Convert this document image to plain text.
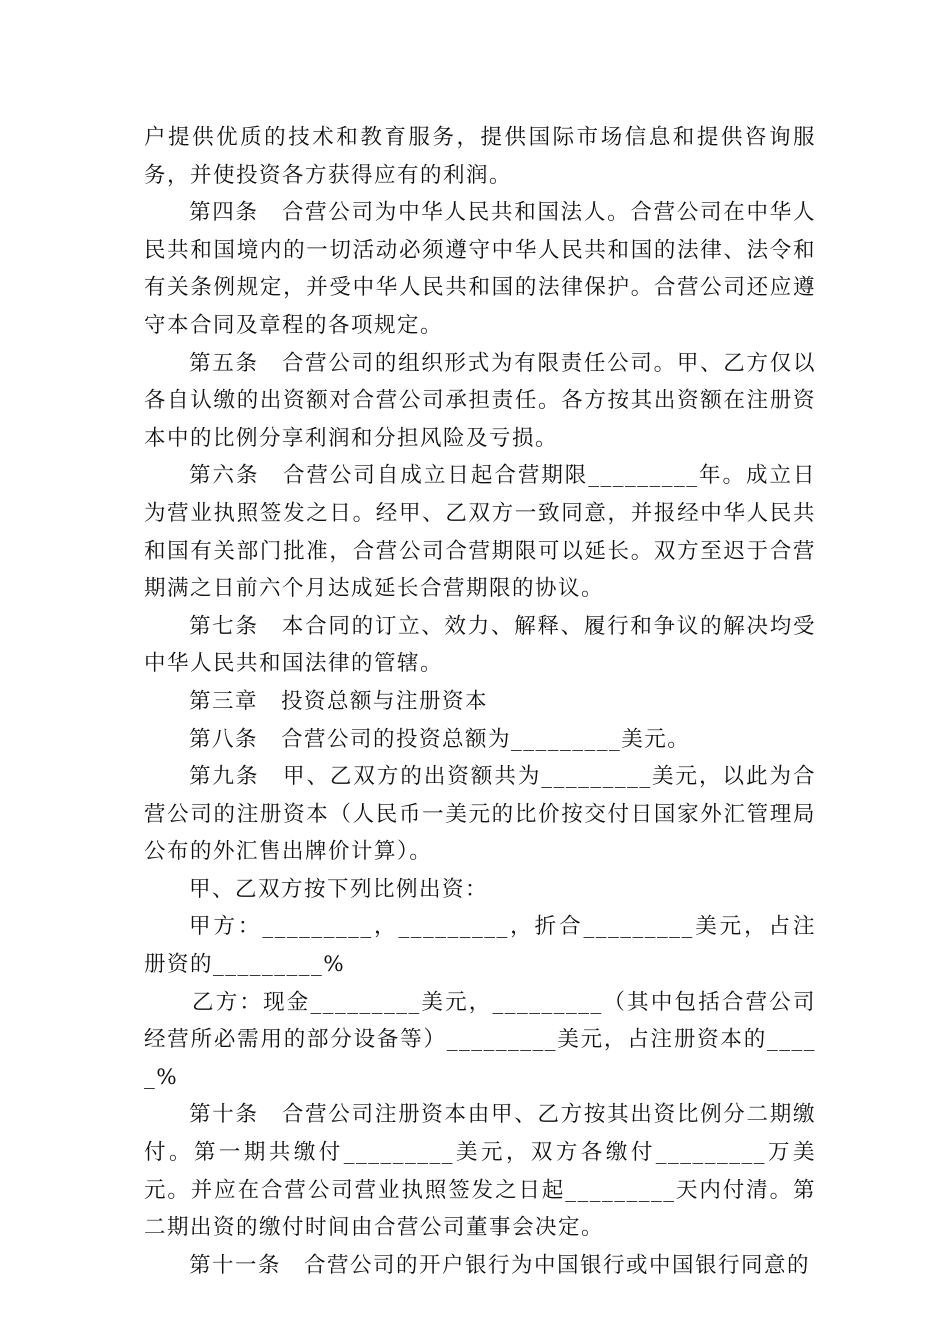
户提供优质的技术和教育服务，提供国际市场信息和提供咨询服务，并使投资各方获得应有的利润。

第四条　合营公司为中华人民共和国法人。合营公司在中华人民共和国境内的一切活动必须遵守中华人民共和国的法律、法令和有关条例规定，并受中华人民共和国的法律保护。合营公司还应遵守本合同及章程的各项规定。

第五条　合营公司的组织形式为有限责任公司。甲、乙方仅以各自认缴的出资额对合营公司承担责任。各方按其出资额在注册资本中的比例分享利润和分担风险及亏损。

第六条　合营公司自成立日起合营期限_________年。成立日为营业执照签发之日。经甲、乙双方一致同意，并报经中华人民共和国有关部门批准，合营公司合营期限可以延长。双方至迟于合营期满之日前六个月达成延长合营期限的协议。

第七条　本合同的订立、效力、解释、履行和争议的解决均受中华人民共和国法律的管辖。

第三章　投资总额与注册资本

第八条　合营公司的投资总额为_________美元。

第九条　甲、乙双方的出资额共为_________美元，以此为合营公司的注册资本（人民币一美元的比价按交付日国家外汇管理局公布的外汇售出牌价计算）。

甲、乙双方按下列比例出资：

甲方：_________，_________，折合_________美元，占注册资的_________%

乙方：现金_________美元，_________（其中包括合营公司经营所必需用的部分设备等）_________美元，占注册资本的_____%

第十条　合营公司注册资本由甲、乙方按其出资比例分二期缴付。第一期共缴付_________美元，双方各缴付_________万美元。并应在合营公司营业执照签发之日起_________天内付清。第二期出资的缴付时间由合营公司董事会决定。

第十一条　合营公司的开户银行为中国银行或中国银行同意的
